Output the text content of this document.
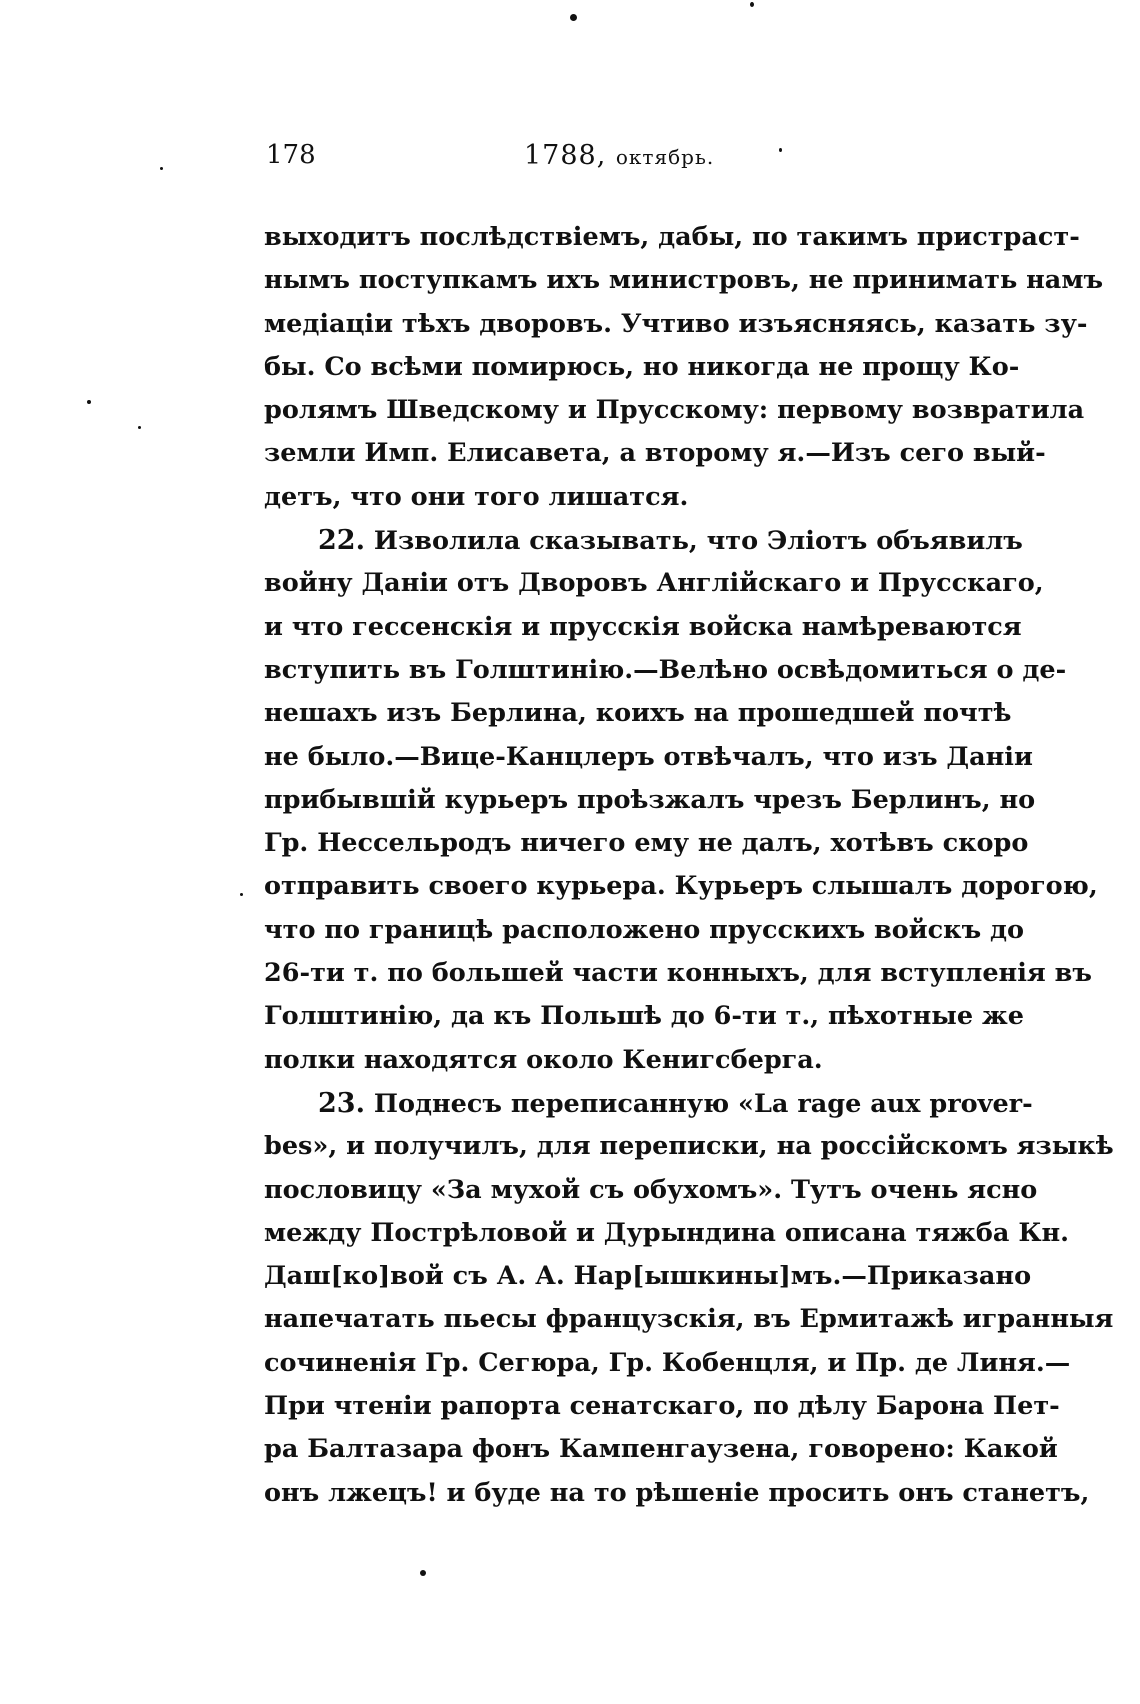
178	1788, октябрь.
выходитъ послѣдствіемъ, дабы, по такимъ пристраст-
нымъ поступкамъ ихъ министровъ, не принимать намъ
медіаціи тѣхъ дворовъ. Учтиво изъясняясь, казать зу-
бы. Со всѣми помирюсь, но никогда не прощу Ко-
ролямъ Шведскому и Прусскому: первому возвратила
земли Имп. Елисавета, а второму я.—Изъ сего вый-
детъ, что они того лишатся.
22. Изволила сказывать, что Эліотъ объявилъ
войну Даніи отъ Дворовъ Англійскаго и Прусскаго,
и что гессенскія и прусскія войска намѣреваются
вступить въ Голштинію.—Велѣно освѣдомиться о де-
нешахъ изъ Берлина, коихъ на прошедшей почтѣ
не было.—Вице-Канцлеръ отвѣчалъ, что изъ Даніи
прибывшій курьеръ проѣзжалъ чрезъ Берлинъ, но
Гр. Нессельродъ ничего ему не далъ, хотѣвъ скоро
отправить своего курьера. Курьеръ слышалъ дорогою,
что по границѣ расположено прусскихъ войскъ до
26-ти т. по большей части конныхъ, для вступленія въ
Голштинію, да къ Польшѣ до 6-ти т., пѣхотные же
полки находятся около Кенигсберга.
23. Поднесъ переписанную «La rage aux prover-
bes», и получилъ, для переписки, на россійскомъ языкѣ
пословицу «За мухой съ обухомъ». Тутъ очень ясно
между Пострѣловой и Дурындина описана тяжба Кн.
Даш[ко]вой съ А. А. Нар[ышкины]мъ.—Приказано
напечатать пьесы французскія, въ Ермитажѣ игранныя
сочиненія Гр. Сегюра, Гр. Кобенцля, и Пр. де Линя.—
При чтеніи рапорта сенатскаго, по дѣлу Барона Пет-
ра Балтазара фонъ Кампенгаузена, говорено: Какой
онъ лжецъ! и буде на то рѣшеніе просить онъ станетъ,
